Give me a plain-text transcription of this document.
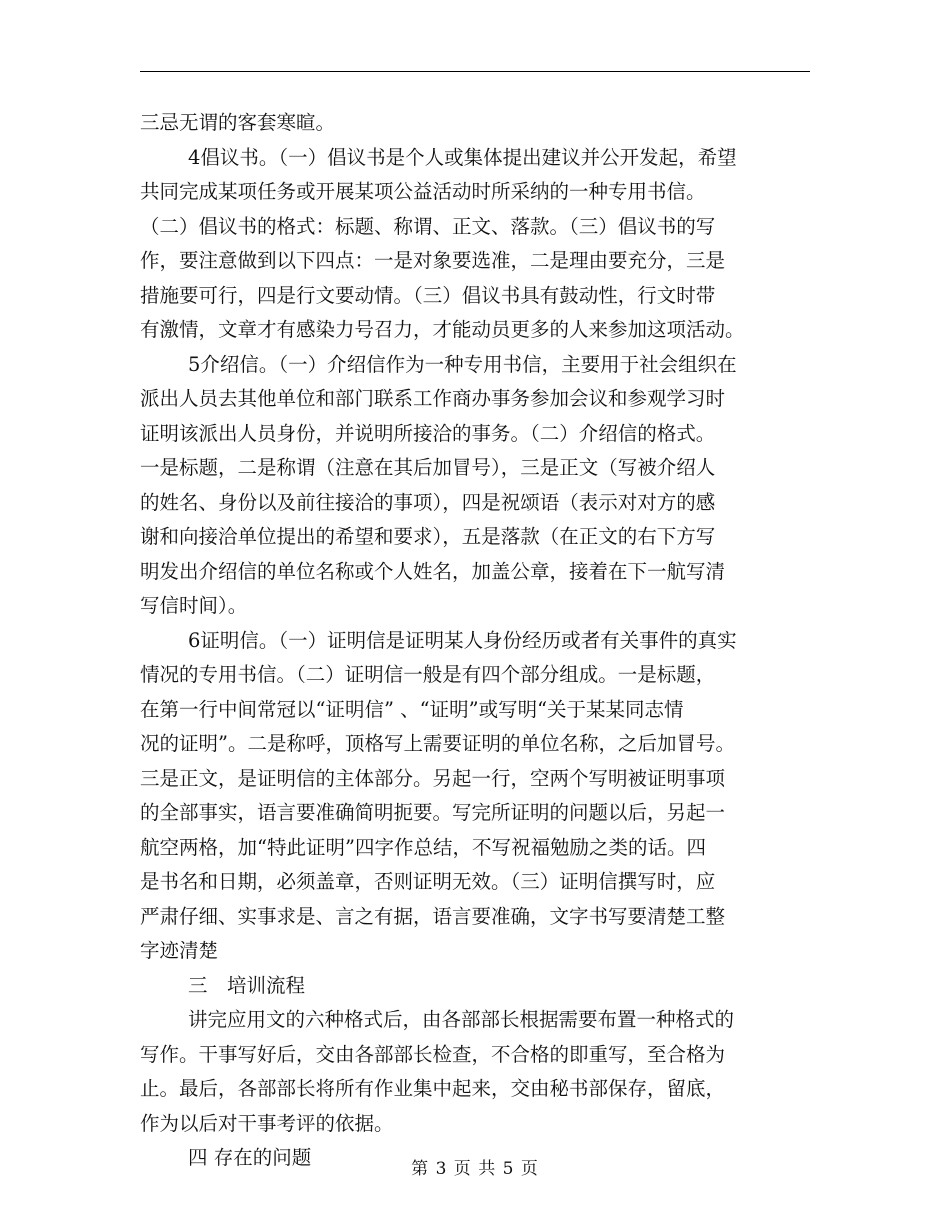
三忌无谓的客套寒暄。
4倡议书。（一）倡议书是个人或集体提出建议并公开发起，希望
共同完成某项任务或开展某项公益活动时所采纳的一种专用书信。
（二）倡议书的格式：标题、称谓、正文、落款。（三）倡议书的写
作，要注意做到以下四点：一是对象要选准，二是理由要充分，三是
措施要可行，四是行文要动情。（三）倡议书具有鼓动性，行文时带
有激情，文章才有感染力号召力，才能动员更多的人来参加这项活动。
5介绍信。（一）介绍信作为一种专用书信，主要用于社会组织在
派出人员去其他单位和部门联系工作商办事务参加会议和参观学习时
证明该派出人员身份，并说明所接洽的事务。（二）介绍信的格式。
一是标题，二是称谓（注意在其后加冒号），三是正文（写被介绍人
的姓名、身份以及前往接洽的事项），四是祝颂语（表示对对方的感
谢和向接洽单位提出的希望和要求），五是落款（在正文的右下方写
明发出介绍信的单位名称或个人姓名，加盖公章，接着在下一航写清
写信时间）。
6证明信。（一）证明信是证明某人身份经历或者有关事件的真实
情况的专用书信。（二）证明信一般是有四个部分组成。一是标题，
在第一行中间常冠以“证明信” 、“证明”或写明“关于某某同志情
况的证明”。二是称呼，顶格写上需要证明的单位名称，之后加冒号。
三是正文，是证明信的主体部分。另起一行，空两个写明被证明事项
的全部事实，语言要准确简明扼要。写完所证明的问题以后，另起一
航空两格，加“特此证明”四字作总结，不写祝福勉励之类的话。四
是书名和日期，必须盖章，否则证明无效。（三）证明信撰写时，应
严肃仔细、实事求是、言之有据，语言要准确，文字书写要清楚工整
字迹清楚
三　培训流程
讲完应用文的六种格式后，由各部部长根据需要布置一种格式的
写作。干事写好后，交由各部部长检查，不合格的即重写，至合格为
止。最后，各部部长将所有作业集中起来，交由秘书部保存，留底，
作为以后对干事考评的依据。
四 存在的问题	第 3 页 共 5 页
